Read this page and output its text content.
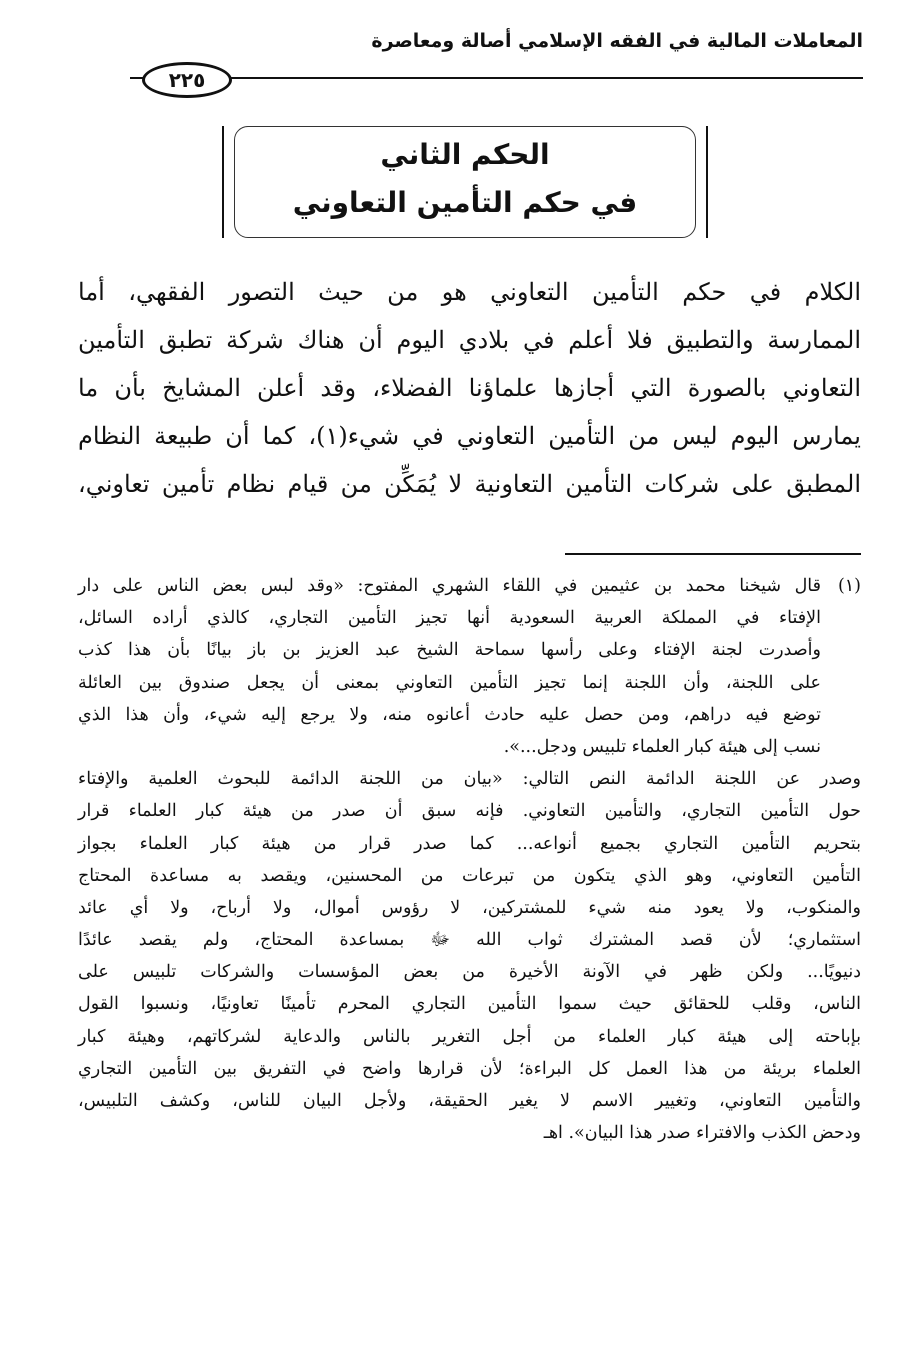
المعاملات المالية في الفقه الإسلامي أصالة ومعاصرة
٢٢٥
الحكم الثاني
في حكم التأمين التعاوني
الكلام في حكم التأمين التعاوني هو من حيث التصور الفقهي، أما
الممارسة والتطبيق فلا أعلم في بلادي اليوم أن هناك شركة تطبق التأمين
التعاوني بالصورة التي أجازها علماؤنا الفضلاء، وقد أعلن المشايخ بأن ما
يمارس اليوم ليس من التأمين التعاوني في شيء(١)، كما أن طبيعة النظام
المطبق على شركات التأمين التعاونية لا يُمَكِّن من قيام نظام تأمين تعاوني،
(١)
قال شيخنا محمد بن عثيمين في اللقاء الشهري المفتوح: «وقد لبس بعض الناس على دار
الإفتاء في المملكة العربية السعودية أنها تجيز التأمين التجاري، كالذي أراده السائل،
وأصدرت لجنة الإفتاء وعلى رأسها سماحة الشيخ عبد العزيز بن باز بيانًا بأن هذا كذب
على اللجنة، وأن اللجنة إنما تجيز التأمين التعاوني بمعنى أن يجعل صندوق بين العائلة
توضع فيه دراهم، ومن حصل عليه حادث أعانوه منه، ولا يرجع إليه شيء، وأن هذا الذي
نسب إلى هيئة كبار العلماء تلبيس ودجل...».
وصدر عن اللجنة الدائمة النص التالي: «بيان من اللجنة الدائمة للبحوث العلمية والإفتاء
حول التأمين التجاري، والتأمين التعاوني. فإنه سبق أن صدر من هيئة كبار العلماء قرار
بتحريم التأمين التجاري بجميع أنواعه... كما صدر قرار من هيئة كبار العلماء بجواز
التأمين التعاوني، وهو الذي يتكون من تبرعات من المحسنين، ويقصد به مساعدة المحتاج
والمنكوب، ولا يعود منه شيء للمشتركين، لا رؤوس أموال، ولا أرباح، ولا أي عائد
استثماري؛ لأن قصد المشترك ثواب الله ﷻ بمساعدة المحتاج، ولم يقصد عائدًا
دنيويًا... ولكن ظهر في الآونة الأخيرة من بعض المؤسسات والشركات تلبيس على
الناس، وقلب للحقائق حيث سموا التأمين التجاري المحرم تأمينًا تعاونيًا، ونسبوا القول
بإباحته إلى هيئة كبار العلماء من أجل التغرير بالناس والدعاية لشركاتهم، وهيئة كبار
العلماء بريئة من هذا العمل كل البراءة؛ لأن قرارها واضح في التفريق بين التأمين التجاري
والتأمين التعاوني، وتغيير الاسم لا يغير الحقيقة، ولأجل البيان للناس، وكشف التلبيس،
ودحض الكذب والافتراء صدر هذا البيان». اهـ
